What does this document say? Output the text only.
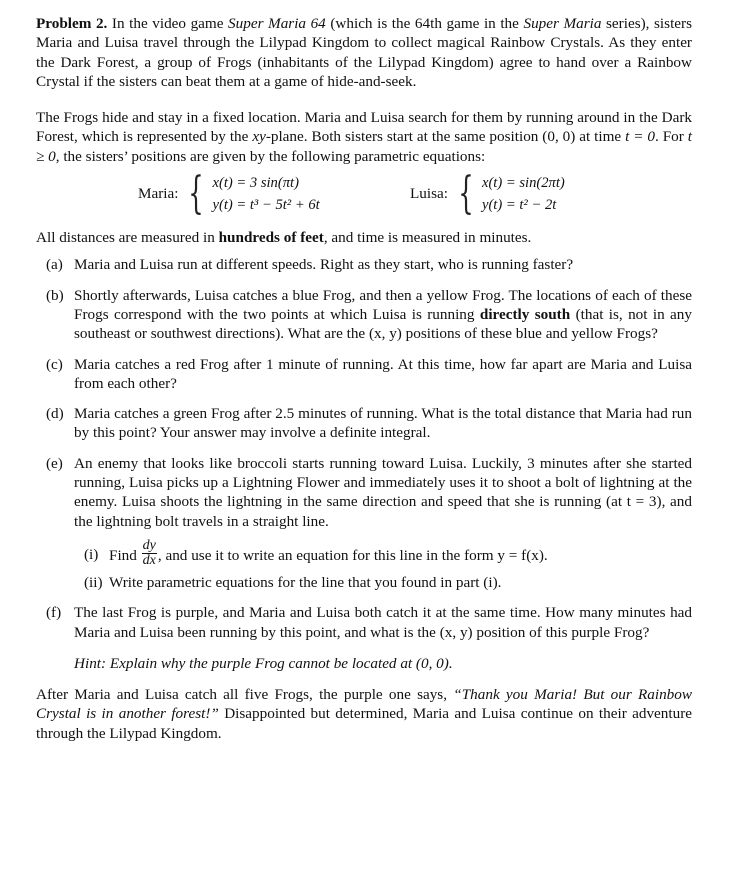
Problem 2. In the video game Super Maria 64 (which is the 64th game in the Super Maria series), sisters Maria and Luisa travel through the Lilypad Kingdom to collect magical Rainbow Crystals. As they enter the Dark Forest, a group of Frogs (inhabitants of the Lilypad Kingdom) agree to hand over a Rainbow Crystal if the sisters can beat them at a game of hide-and-seek.

The Frogs hide and stay in a fixed location. Maria and Luisa search for them by running around in the Dark Forest, which is represented by the xy-plane. Both sisters start at the same position (0, 0) at time t = 0. For t ≥ 0, the sisters’ positions are given by the following parametric equations:

Maria: { x(t) = 3 sin(πt)
y(t) = t³ − 5t² + 6t
Luisa: { x(t) = sin(2πt)
y(t) = t² − 2t

All distances are measured in hundreds of feet, and time is measured in minutes.

(a) Maria and Luisa run at different speeds. Right as they start, who is running faster?

(b) Shortly afterwards, Luisa catches a blue Frog, and then a yellow Frog. The locations of each of these Frogs correspond with the two points at which Luisa is running directly south (that is, not in any southeast or southwest directions). What are the (x, y) positions of these blue and yellow Frogs?

(c) Maria catches a red Frog after 1 minute of running. At this time, how far apart are Maria and Luisa from each other?

(d) Maria catches a green Frog after 2.5 minutes of running. What is the total distance that Maria had run by this point? Your answer may involve a definite integral.

(e) An enemy that looks like broccoli starts running toward Luisa. Luckily, 3 minutes after she started running, Luisa picks up a Lightning Flower and immediately uses it to shoot a bolt of lightning at the enemy. Luisa shoots the lightning in the same direction and speed that she is running (at t = 3), and the lightning bolt travels in a straight line.

(i) Find $\frac{dy}{dx}$ , and use it to write an equation for this line in the form y = f(x).
(ii) Write parametric equations for the line that you found in part (i).
(f) The last Frog is purple, and Maria and Luisa both catch it at the same time. How many minutes had Maria and Luisa been running by this point, and what is the (x, y) position of this purple Frog?

Hint: Explain why the purple Frog cannot be located at (0, 0).

After Maria and Luisa catch all five Frogs, the purple one says, “Thank you Maria! But our Rainbow Crystal is in another forest!” Disappointed but determined, Maria and Luisa continue on their adventure through the Lilypad Kingdom.
